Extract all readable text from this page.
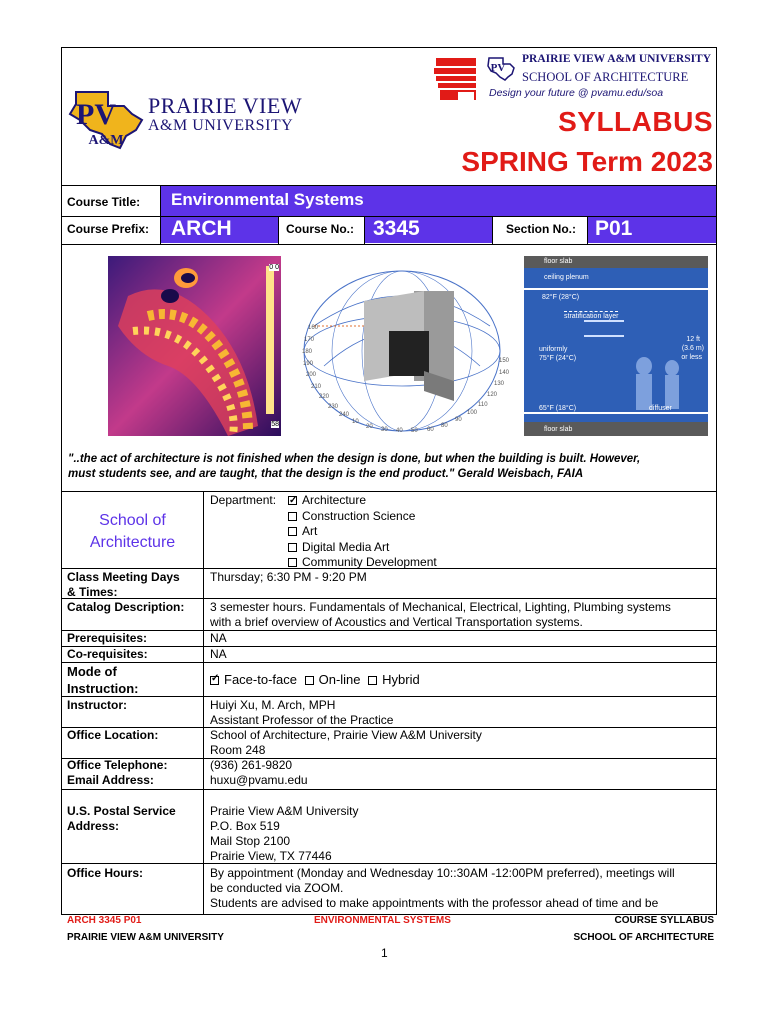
PV
A&M
PRAIRIE VIEW
A&M UNIVERSITY
PV
PRAIRIE VIEW A&M UNIVERSITY
SCHOOL OF ARCHITECTURE
Design your future @ pvamu.edu/soa
SYLLABUS
SPRING Term 2023
Course Title: Environmental Systems
Course Prefix: ARCH	Course No.: 3345	Section No.: P01
0 0
58
150
140
130
120
110
100
90
80
60
50
40
30
20
10
240
230
220
210
200
190
180
170
160
floor slab
ceiling plenum
82°F (28°C)
stratification layer
uniformly
75°F (24°C)
12 ft
(3.6 m)
or less
65°F (18°C)	diffuser
floor slab
"..the act of architecture is not finished when the design is done, but when the building is built. However,
must students see, and are taught, that the design is the end product." Gerald Weisbach, FAIA
School of
Architecture
Department:
✓	Architecture
Construction Science
Art
Digital Media Art
Community Development
Class Meeting Days
& Times:
Thursday; 6:30 PM - 9:20 PM
Catalog Description: 3 semester hours. Fundamentals of Mechanical, Electrical, Lighting, Plumbing systems
with a brief overview of Acoustics and Vertical Transportation systems.
Prerequisites:	NA
Co-requisites:	NA
Mode of
Instruction:
✓Face-to-face On-line Hybrid
Instructor:	Huiyi Xu, M. Arch, MPH
Assistant Professor of the Practice
Office Location:	School of Architecture, Prairie View A&M University
Room 248
Office Telephone:	(936) 261-9820
Email Address:	huxu@pvamu.edu
U.S. Postal Service
Address:
Prairie View A&M University
P.O. Box 519
Mail Stop 2100
Prairie View, TX 77446
Office Hours:	By appointment (Monday and Wednesday 10::30AM -12:00PM preferred), meetings will
be conducted via ZOOM.
Students are advised to make appointments with the professor ahead of time and be
ARCH 3345 P01
PRAIRIE VIEW A&M UNIVERSITY
ENVIRONMENTAL SYSTEMS	COURSE SYLLABUS
SCHOOL OF ARCHITECTURE
1
